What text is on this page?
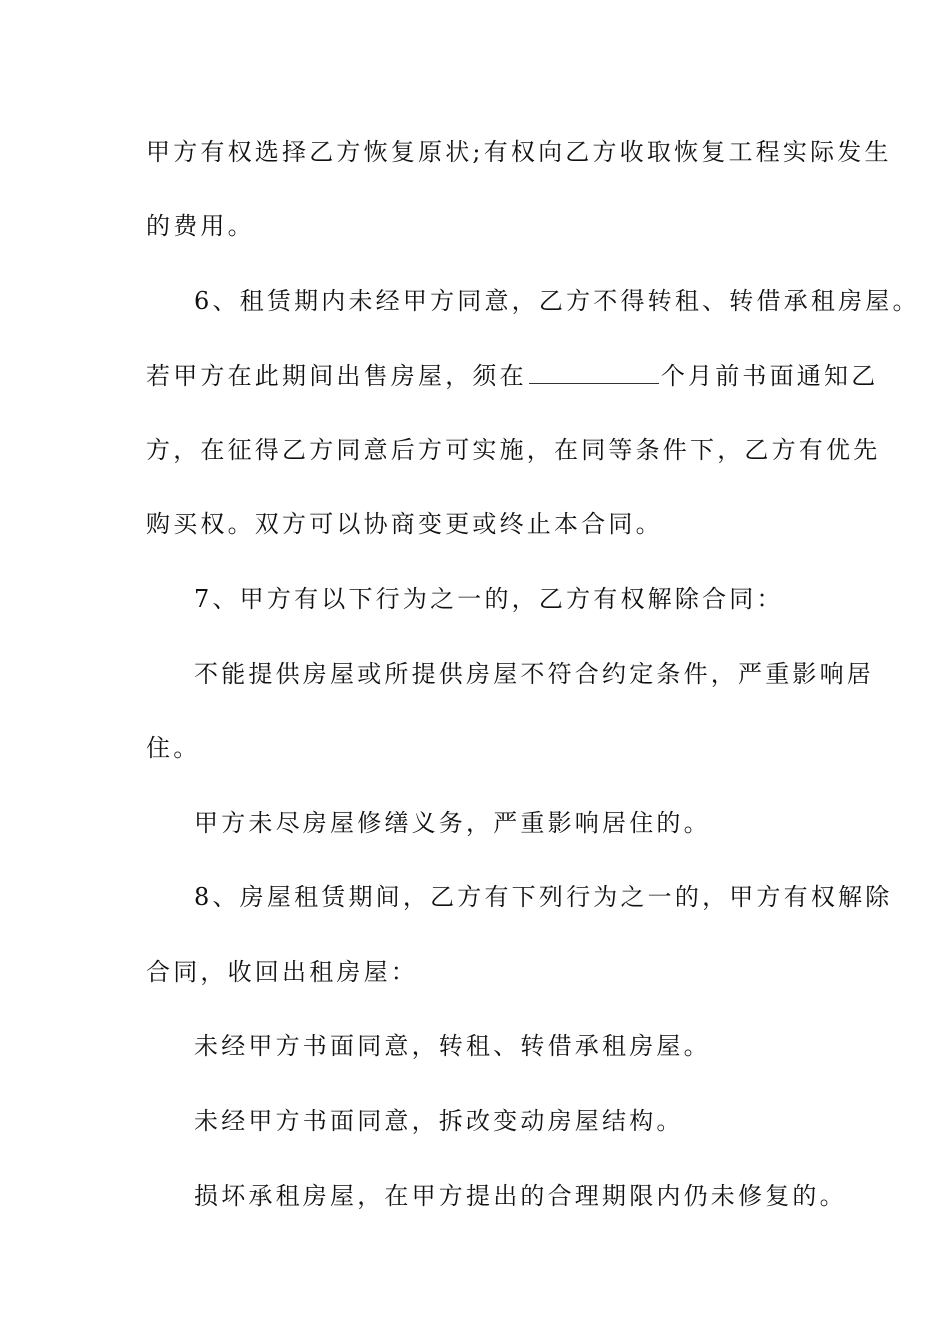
甲方有权选择乙方恢复原状;有权向乙方收取恢复工程实际发生
的费用。
6、租赁期内未经甲方同意，乙方不得转租、转借承租房屋。
若甲方在此期间出售房屋，须在	个月前书面通知乙
方，在征得乙方同意后方可实施，在同等条件下，乙方有优先
购买权。双方可以协商变更或终止本合同。
7、甲方有以下行为之一的，乙方有权解除合同：
不能提供房屋或所提供房屋不符合约定条件，严重影响居
住。
甲方未尽房屋修缮义务，严重影响居住的。
8、房屋租赁期间，乙方有下列行为之一的，甲方有权解除
合同，收回出租房屋：
未经甲方书面同意，转租、转借承租房屋。
未经甲方书面同意，拆改变动房屋结构。
损坏承租房屋，在甲方提出的合理期限内仍未修复的。
